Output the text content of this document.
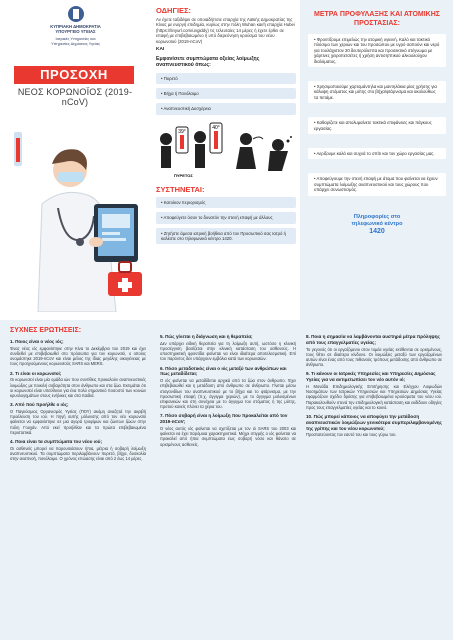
ΚΥΠΡΙΑΚΗ ΔΗΜΟΚΡΑΤΙΑ
ΥΠΟΥΡΓΕΙΟ ΥΓΕΙΑΣ
Ιατρικές Υπηρεσίες και
Υπηρεσίες Δημόσιας Υγείας
ΠΡΟΣΟΧΗ
ΝΕΟΣ ΚΟΡΩΝΟΪΟΣ (2019-nCoV)
ΟΔΗΓΙΕΣ:
Αν έχετε ταξιδέψει σε οποιαδήποτε επαρχία της Λαϊκής Δημοκρατίας της Κίνας με ενεργή επιδημία, κυρίως στην πόλη Wuhan και/ή επαρχία Hubei (https://tinyurl.com/ungiddy) τις τελευταίες 14 μέρες ή έχετε έρθει σε επαφή με επιβεβαιωμένο ή υπό διερεύνηση κρούσμα του νέου κορωνοϊού (2019-nCoV)
ΚΑΙ
Εμφανίσετε συμπτώματα οξείας λοίμωξης αναπνευστικού όπως:
• Πυρετό
• Βήχα ή Πονόλαιμο
• Αναπνευστική Δυσχέρεια
39°
40°
ΠΥΡΕΤΟΣ
ΣΥΣΤΗΝΕΤΑΙ:
• Κατοίκον περιορισμός
• Αποφεύγετε όσον το δυνατόν την στενή επαφή με άλλους
• Ζητήστε άμεσα ιατρική βοήθεια από τον Προσωπικό σας Ιατρό ή καλέστε στο τηλεφωνικό κέντρο 1420.
ΜΕΤΡΑ ΠΡΟΦΥΛΑΞΗΣ ΚΑΙ ΑΤΟΜΙΚΗΣ ΠΡΟΣΤΑΣΙΑΣ:
• Φροντίζουμε επιμελώς την ατομική υγιεινή. Καλό και τακτικό πλύσιμο των χεριών και του προσώπου με υγρό σαπούνι και νερό για τουλάχιστον 20 δευτερόλεπτα και προσεκτικό στέγνωμα με χάρτινες χειροπετσέτες ή χρήση αντισηπτικού αλκοολούχου διαλύματος.
• Χρησιμοποιούμε χαρτομάντηλα και μαντηλάκια μίας χρήσης για κάλυψη στόματος και μύτης στο βήχα/φτάρνισμα και ακολούθως τα πετάμε.
• Καθαρίζετε και απολυμαίνετε τακτικά επιφάνειες και πάγκους εργασίας.
• Αερίζουμε καλά και συχνά το σπίτι και τον χώρο εργασίας μας.
• Αποφεύγουμε την στενή επαφή με άτομα που φαίνεται να έχουν συμπτώματα λοίμωξης αναπνευστικού και τους χώρους που υπάρχει συνωστισμός.
Πληροφορίες στο
τηλεφωνικό κέντρο
1420
ΣΥΧΝΕΣ ΕΡΩΤΗΣΕΙΣ:
1. Ποιος είναι ο νέος ιός;
Ένας νέος ιός εμφανίστηκε στην Κίνα το Δεκέμβριο του 2019 και έχει συνδεθεί με επιβεβαιωθεί στο πρόσωπα για τον κορωνοϊό, ο οποίος ονομάστηκε 2019-nCoV και είναι μέλος της ίδιας μεγάλης οικογένειας με τους προηγούμενους κορωνοϊούς SARS και MERS.
2. Τι είναι οι κορωνοϊοί;
Οι κορωνοϊοί είναι μία ομάδα ιών που συντίθεις προκαλούν αναπνευστικές λοιμώξεις με ποικιλή σοβαρότητα στον άνθρωπο και στα ζώα. Εκτιμάται ότι οι κορωνοϊοί είναι υπεύθυνοι για ένα πολύ σημαντικό ποσοστό των κοινών κρυολογημάτων στους ενήλικες και στα παιδιά.
3. Από πού προήλθε ο ιός;
Ο Παγκόσμιος Οργανισμός Υγείας (ΠΟΥ) ακόμη αναζητά την ακριβή προέλευση του ιού. Η πηγή αυτής μόλυνσης από τον νέο κορωνοϊό φαίνεται να εμφανίστηκε σε μια αγορά τροφίμων και ζώντων ζώων στην πόλη Γουχάν. Από εκεί προήλθαν και τα πρώτα επιβεβαιωμένα περιστατικά.
4. Ποια είναι τα συμπτώματα του νέου ιού;
Οι ασθενείς μπορεί να παρουσιάσουν ήπια, μέτρια ή σοβαρή λοίμωξη αναπνευστικού. Τα συμπτώματα περιλαμβάνουν πυρετό, βήχα, δυσκολία στην αναπνοή, πονόλαιμο. Ο χρόνος επώασης είναι από 2 έως 14 μέρες.
5. Πώς γίνεται η διάγνωση και η θεραπεία;
Δεν υπάρχει ειδική θεραπεία για τη λοίμωξη αυτή, ωστόσο η κλινική προσέγγιση βασίζεται στην κλινική κατάσταση του ασθενούς. Η υποστηρικτική φροντίδα φαίνεται να είναι ιδιαίτερα αποτελεσματική. Επί του παρόντος δεν υπάρχουν εμβόλια κατά των κορωνοϊών.
6. Πόσο μεταδοτικός είναι ο ιός μεταξύ των ανθρώπων και πως μεταδίδεται;
Ο ιός φαίνεται να μεταδίδεται αρχικά από τα ζώα στον άνθρωπο. Έχει επιβεβαιωθεί και η μετάδοση από άνθρωπο σε άνθρωπο. Γίνεται μέσω σταγονιδίων του αναπνευστικού με το βήχα και το φτάρνισμα, με την προσωπική επαφή (π.χ. άγγιγμα χεριών), με το άγγιγμα μολυσμένων επιφανειών και στη συνέχεια με το άγγιγμα του στόματος ή της μύτης, προτού κανείς πλύνει τα χέρια του.
7. Πόσο σοβαρή είναι η λοίμωξη που προκαλείται από τον 2019-nCoV;
Ο νέος αυτός ιός φαίνεται να σχετίζεται με τον ιό SARS του 2003 και φαίνεται να έχει παρόμοια χαρακτηριστικά. Μέχρι στιγμής ο ιός φαίνεται να προκαλεί από ήπια συμπτώματα έως σοβαρή νόσο και θάνατο σε ορισμένους ασθενείς.
8. Ποια η σημασία να λαμβάνονται αυστηρά μέτρα πρόληψης από τους επαγγελματίες υγείας;
Το γεγονός ότι οι εργαζόμενοι στον τομέα υγείας εκτίθενται σε ορισμένους, τους θέτει σε ιδιαίτερο κίνδυνο. Οι λοιμώξεις μεταξύ των εργαζομένων αυτών είναι ένας από τους πιθανούς τρόπους μετάδοσης από άνθρωπο σε άνθρωπο.
9. Τι κάνουν οι Ιατρικές Υπηρεσίες και Υπηρεσίες Δημόσιας Υγείας για να αντιμετωπίσει τον νέο αυτόν ιό;
Η Μονάδα Επιδημιολογικής Επιτήρησης και Ελέγχου Λοιμωδών Νοσημάτων των Ιατρικών Υπηρεσιών και Υπηρεσιών Δημόσιας Υγείας εφαρμόζουν σχέδιο δράσης για επιβεβαιωμένα κρούσματα του νέου ιού. Παρακολουθούν στενά την επιδημιολογική κατάσταση και εκδίδουν οδηγίες προς τους επαγγελματίες υγείας και το κοινό.
10. Πώς μπορεί κάποιος να αποφύγει την μετάδοση αναπνευστικών λοιμώξεων γενικότερα συμπεριλαμβανομένης της γρίπης και του νέου κορωνοϊού;
Προστατεύοντας τον εαυτό του και τους γύρω του.
